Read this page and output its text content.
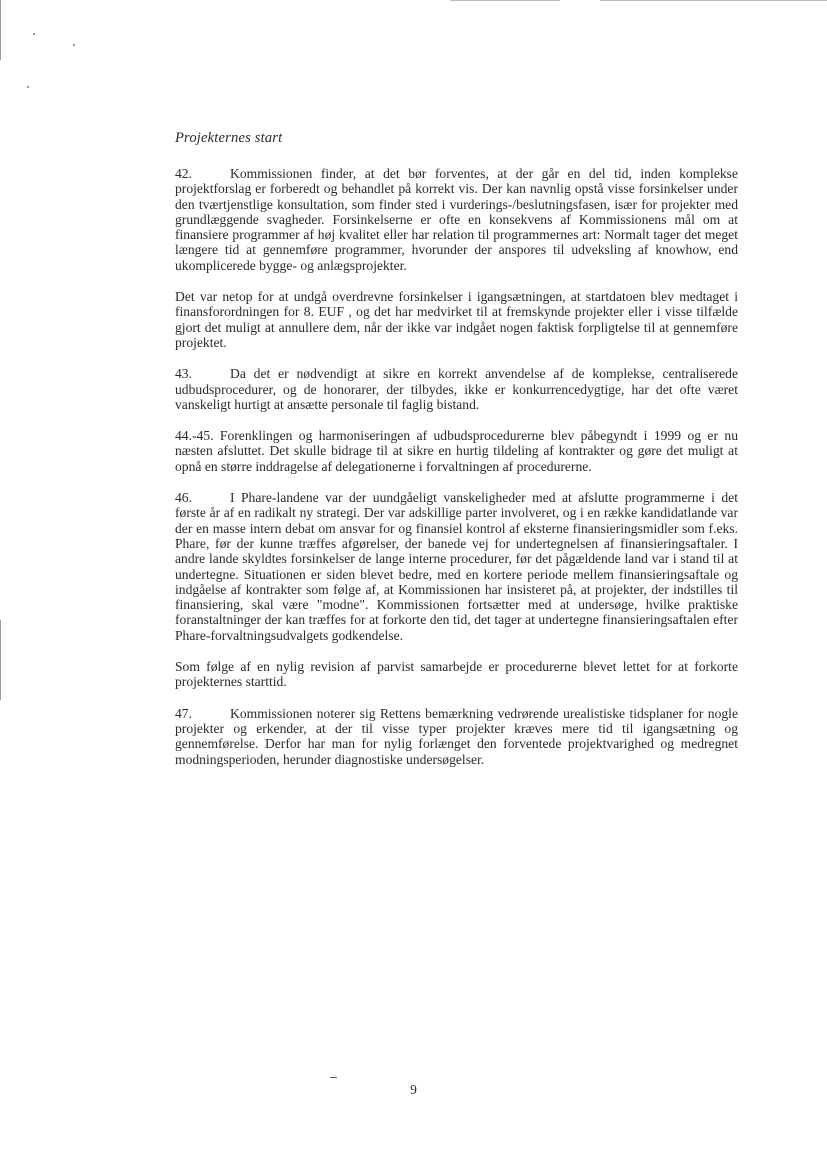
Projekternes start

42.	Kommissionen finder, at det bør forventes, at der går en del tid, inden komplekse projektforslag er forberedt og behandlet på korrekt vis. Der kan navnlig opstå visse forsinkelser under den tværtjenstlige konsultation, som finder sted i vurderings-/beslutningsfasen, især for projekter med grundlæggende svagheder. Forsinkelserne er ofte en konsekvens af Kommissionens mål om at finansiere programmer af høj kvalitet eller har relation til programmernes art: Normalt tager det meget længere tid at gennemføre programmer, hvorunder der anspores til udveksling af knowhow, end ukomplicerede bygge- og anlægsprojekter.

Det var netop for at undgå overdrevne forsinkelser i igangsætningen, at startdatoen blev medtaget i finansforordningen for 8. EUF , og det har medvirket til at fremskynde projekter eller i visse tilfælde gjort det muligt at annullere dem, når der ikke var indgået nogen faktisk forpligtelse til at gennemføre projektet.

43.	Da det er nødvendigt at sikre en korrekt anvendelse af de komplekse, centraliserede udbudsprocedurer, og de honorarer, der tilbydes, ikke er konkurrencedygtige, har det ofte været vanskeligt hurtigt at ansætte personale til faglig bistand.

44.-45. Forenklingen og harmoniseringen af udbudsprocedurerne blev påbegyndt i 1999 og er nu næsten afsluttet. Det skulle bidrage til at sikre en hurtig tildeling af kontrakter og gøre det muligt at opnå en større inddragelse af delegationerne i forvaltningen af procedurerne.

46.	I Phare-landene var der uundgåeligt vanskeligheder med at afslutte programmerne i det første år af en radikalt ny strategi. Der var adskillige parter involveret, og i en række kandidatlande var der en masse intern debat om ansvar for og finansiel kontrol af eksterne finansieringsmidler som f.eks. Phare, før der kunne træffes afgørelser, der banede vej for undertegnelsen af finansieringsaftaler. I andre lande skyldtes forsinkelser de lange interne procedurer, før det pågældende land var i stand til at undertegne. Situationen er siden blevet bedre, med en kortere periode mellem finansieringsaftale og indgåelse af kontrakter som følge af, at Kommissionen har insisteret på, at projekter, der indstilles til finansiering, skal være "modne". Kommissionen fortsætter med at undersøge, hvilke praktiske foranstaltninger der kan træffes for at forkorte den tid, det tager at undertegne finansieringsaftalen efter Phare-forvaltningsudvalgets godkendelse.

Som følge af en nylig revision af parvist samarbejde er procedurerne blevet lettet for at forkorte projekternes starttid.

47.	Kommissionen noterer sig Rettens bemærkning vedrørende urealistiske tidsplaner for nogle projekter og erkender, at der til visse typer projekter kræves mere tid til igangsætning og gennemførelse. Derfor har man for nylig forlænget den forventede projektvarighed og medregnet modningsperioden, herunder diagnostiske undersøgelser.

9
